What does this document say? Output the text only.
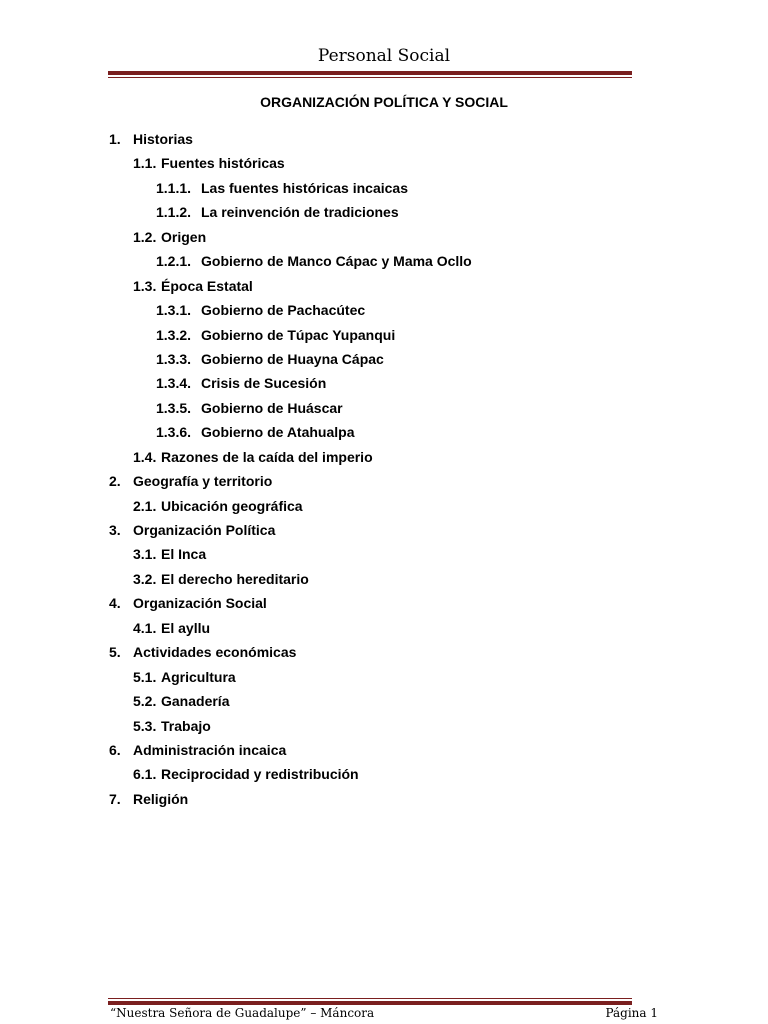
Personal Social
ORGANIZACIÓN POLÍTICA Y SOCIAL
1. Historias
1.1. Fuentes históricas
1.1.1. Las fuentes históricas incaicas
1.1.2. La reinvención de tradiciones
1.2. Origen
1.2.1. Gobierno de Manco Cápac y Mama Ocllo
1.3. Época Estatal
1.3.1. Gobierno de Pachacútec
1.3.2. Gobierno de Túpac Yupanqui
1.3.3. Gobierno de Huayna Cápac
1.3.4. Crisis de Sucesión
1.3.5. Gobierno de Huáscar
1.3.6. Gobierno de Atahualpa
1.4. Razones de la caída del imperio
2. Geografía y territorio
2.1. Ubicación geográfica
3. Organización Política
3.1. El Inca
3.2. El derecho hereditario
4. Organización Social
4.1. El ayllu
5. Actividades económicas
5.1. Agricultura
5.2. Ganadería
5.3. Trabajo
6. Administración incaica
6.1. Reciprocidad y redistribución
7. Religión
“Nuestra Señora de Guadalupe” – Máncora	Página 1
